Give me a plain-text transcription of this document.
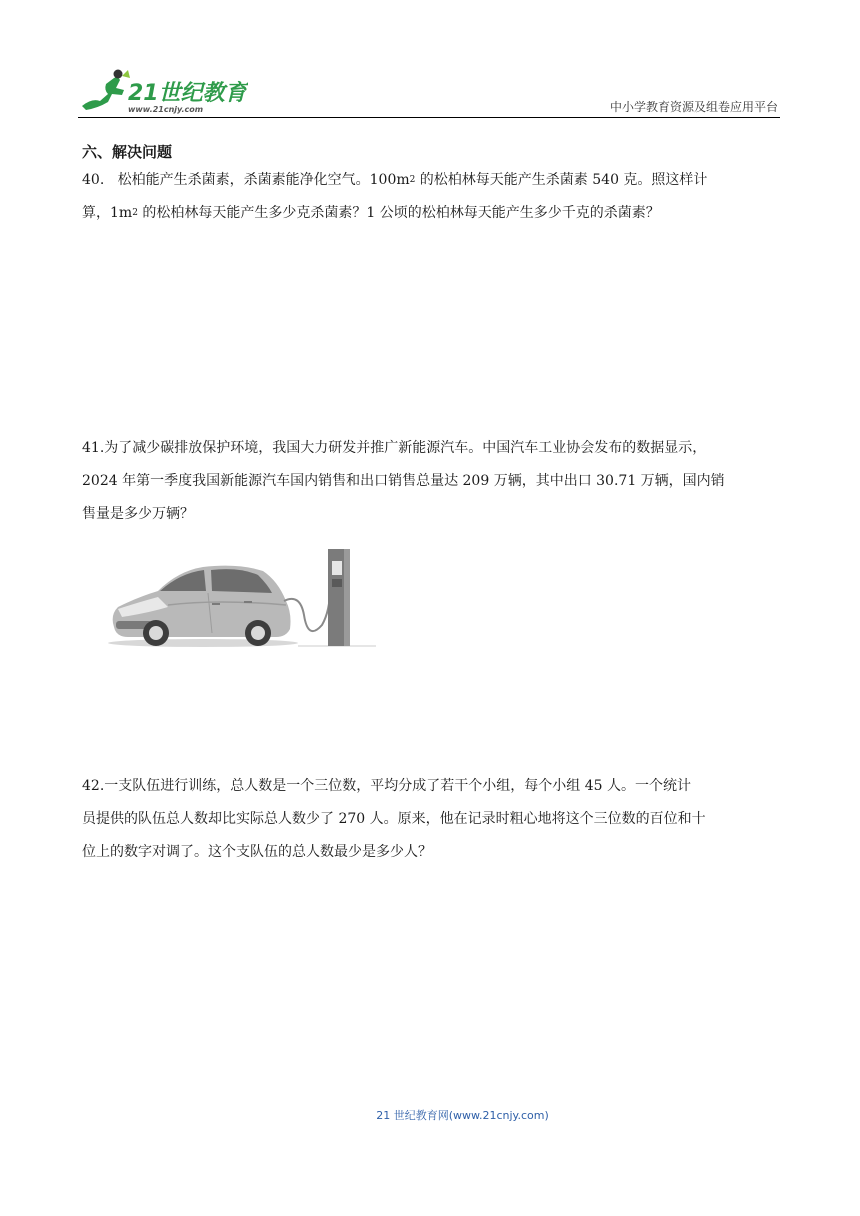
21世纪教育
www.21cnjy.com	中小学教育资源及组卷应用平台
六、解决问题
40. 松柏能产生杀菌素，杀菌素能净化空气。$100m^2$ 的松柏林每天能产生杀菌素 540 克。照这样计
算，$1m^2$ 的松柏林每天能产生多少克杀菌素？1 公顷的松柏林每天能产生多少千克的杀菌素？
41.为了减少碳排放保护环境，我国大力研发并推广新能源汽车。中国汽车工业协会发布的数据显示，
2024 年第一季度我国新能源汽车国内销售和出口销售总量达 209 万辆，其中出口 30.71 万辆，国内销
售量是多少万辆？
42.一支队伍进行训练，总人数是一个三位数，平均分成了若干个小组，每个小组 45 人。一个统计
员提供的队伍总人数却比实际总人数少了 270 人。原来，他在记录时粗心地将这个三位数的百位和十
位上的数字对调了。这个支队伍的总人数最少是多少人？
21 世纪教育网(www.21cnjy.com)
